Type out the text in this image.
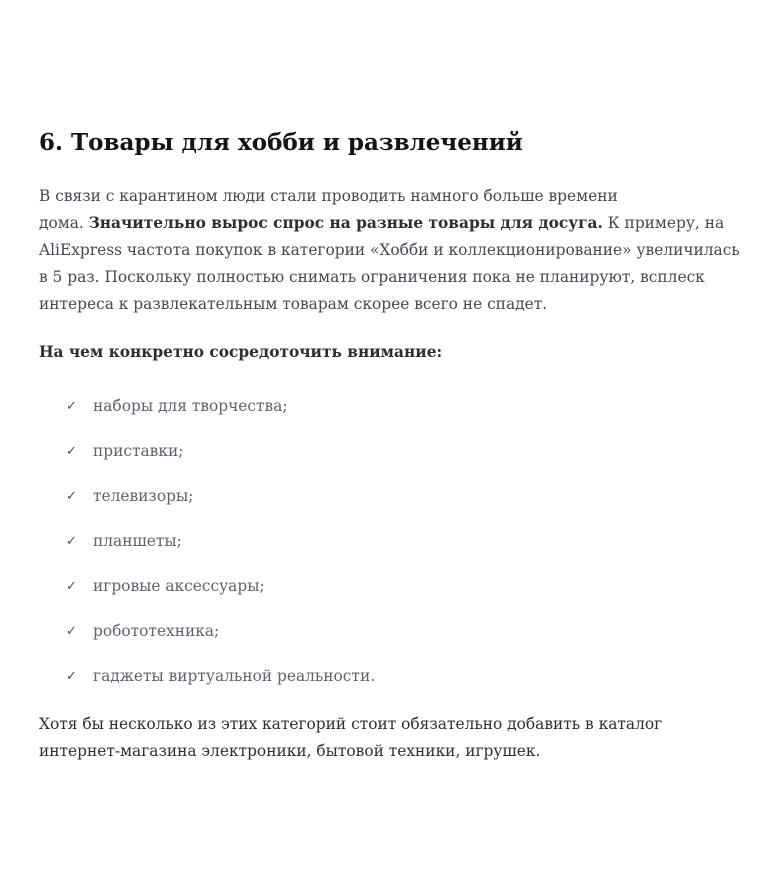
6. Товары для хобби и развлечений

В связи с карантином люди стали проводить намного больше времени
дома. Значительно вырос спрос на разные товары для досуга. К примеру, на AliExpress частота покупок в категории «Хобби и коллекционирование» увеличилась в 5 раз. Поскольку полностью снимать ограничения пока не планируют, всплеск интереса к развлекательным товарам скорее всего не спадет.

На чем конкретно сосредоточить внимание:

✓ наборы для творчества;
✓ приставки;
✓ телевизоры;
✓ планшеты;
✓ игровые аксессуары;
✓ робототехника;
✓ гаджеты виртуальной реальности.

Хотя бы несколько из этих категорий стоит обязательно добавить в каталог интернет-магазина электроники, бытовой техники, игрушек.
